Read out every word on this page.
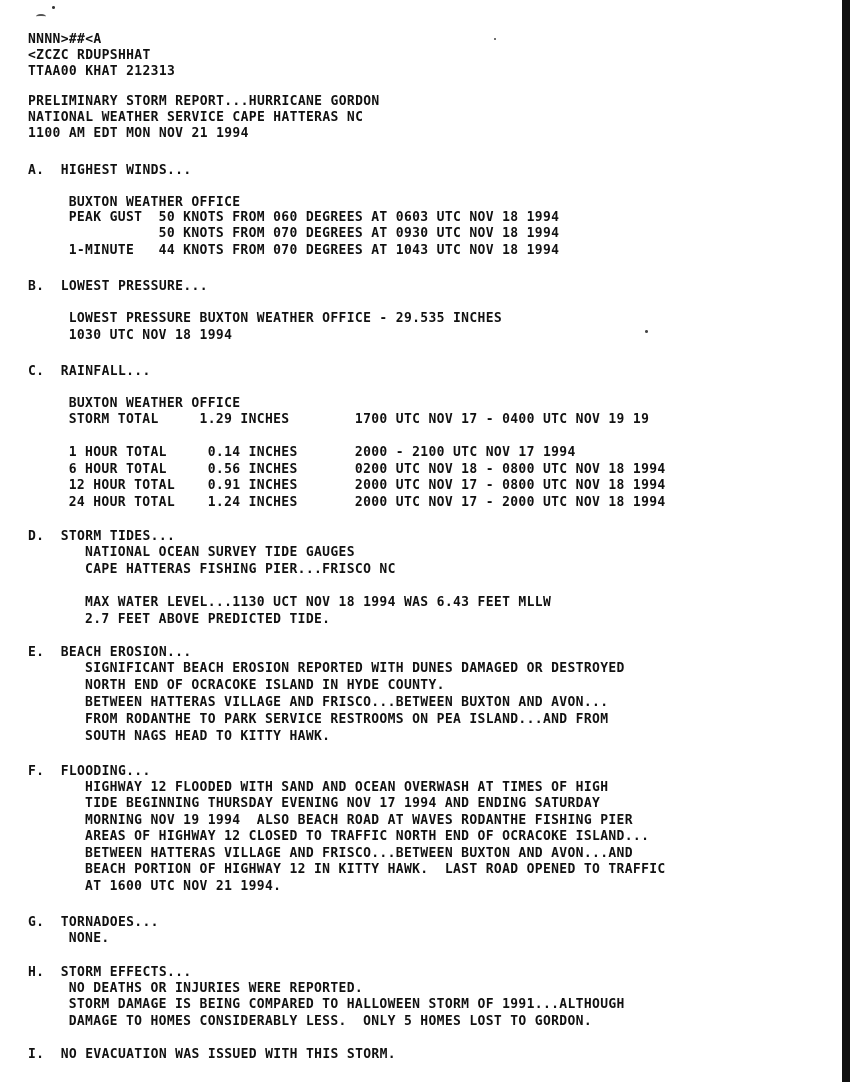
NNNN>##<A
<ZCZC RDUPSHHAT
TTAA00 KHAT 212313
PRELIMINARY STORM REPORT...HURRICANE GORDON
NATIONAL WEATHER SERVICE CAPE HATTERAS NC
1100 AM EDT MON NOV 21 1994
A.  HIGHEST WINDS...
BUXTON WEATHER OFFICE
PEAK GUST  50 KNOTS FROM 060 DEGREES AT 0603 UTC NOV 18 1994
50 KNOTS FROM 070 DEGREES AT 0930 UTC NOV 18 1994
1-MINUTE   44 KNOTS FROM 070 DEGREES AT 1043 UTC NOV 18 1994
B.  LOWEST PRESSURE...
LOWEST PRESSURE BUXTON WEATHER OFFICE - 29.535 INCHES
1030 UTC NOV 18 1994
C.  RAINFALL...
BUXTON WEATHER OFFICE
STORM TOTAL     1.29 INCHES        1700 UTC NOV 17 - 0400 UTC NOV 19 19
1 HOUR TOTAL     0.14 INCHES       2000 - 2100 UTC NOV 17 1994
6 HOUR TOTAL     0.56 INCHES       0200 UTC NOV 18 - 0800 UTC NOV 18 1994
12 HOUR TOTAL    0.91 INCHES       2000 UTC NOV 17 - 0800 UTC NOV 18 1994
24 HOUR TOTAL    1.24 INCHES       2000 UTC NOV 17 - 2000 UTC NOV 18 1994
D.  STORM TIDES...
NATIONAL OCEAN SURVEY TIDE GAUGES
CAPE HATTERAS FISHING PIER...FRISCO NC
MAX WATER LEVEL...1130 UCT NOV 18 1994 WAS 6.43 FEET MLLW
2.7 FEET ABOVE PREDICTED TIDE.
E.  BEACH EROSION...
SIGNIFICANT BEACH EROSION REPORTED WITH DUNES DAMAGED OR DESTROYED
NORTH END OF OCRACOKE ISLAND IN HYDE COUNTY.
BETWEEN HATTERAS VILLAGE AND FRISCO...BETWEEN BUXTON AND AVON...
FROM RODANTHE TO PARK SERVICE RESTROOMS ON PEA ISLAND...AND FROM
SOUTH NAGS HEAD TO KITTY HAWK.
F.  FLOODING...
HIGHWAY 12 FLOODED WITH SAND AND OCEAN OVERWASH AT TIMES OF HIGH
TIDE BEGINNING THURSDAY EVENING NOV 17 1994 AND ENDING SATURDAY
MORNING NOV 19 1994  ALSO BEACH ROAD AT WAVES RODANTHE FISHING PIER
AREAS OF HIGHWAY 12 CLOSED TO TRAFFIC NORTH END OF OCRACOKE ISLAND...
BETWEEN HATTERAS VILLAGE AND FRISCO...BETWEEN BUXTON AND AVON...AND
BEACH PORTION OF HIGHWAY 12 IN KITTY HAWK.  LAST ROAD OPENED TO TRAFFIC
AT 1600 UTC NOV 21 1994.
G.  TORNADOES...
NONE.
H.  STORM EFFECTS...
NO DEATHS OR INJURIES WERE REPORTED.
STORM DAMAGE IS BEING COMPARED TO HALLOWEEN STORM OF 1991...ALTHOUGH
DAMAGE TO HOMES CONSIDERABLY LESS.  ONLY 5 HOMES LOST TO GORDON.
I.  NO EVACUATION WAS ISSUED WITH THIS STORM.
